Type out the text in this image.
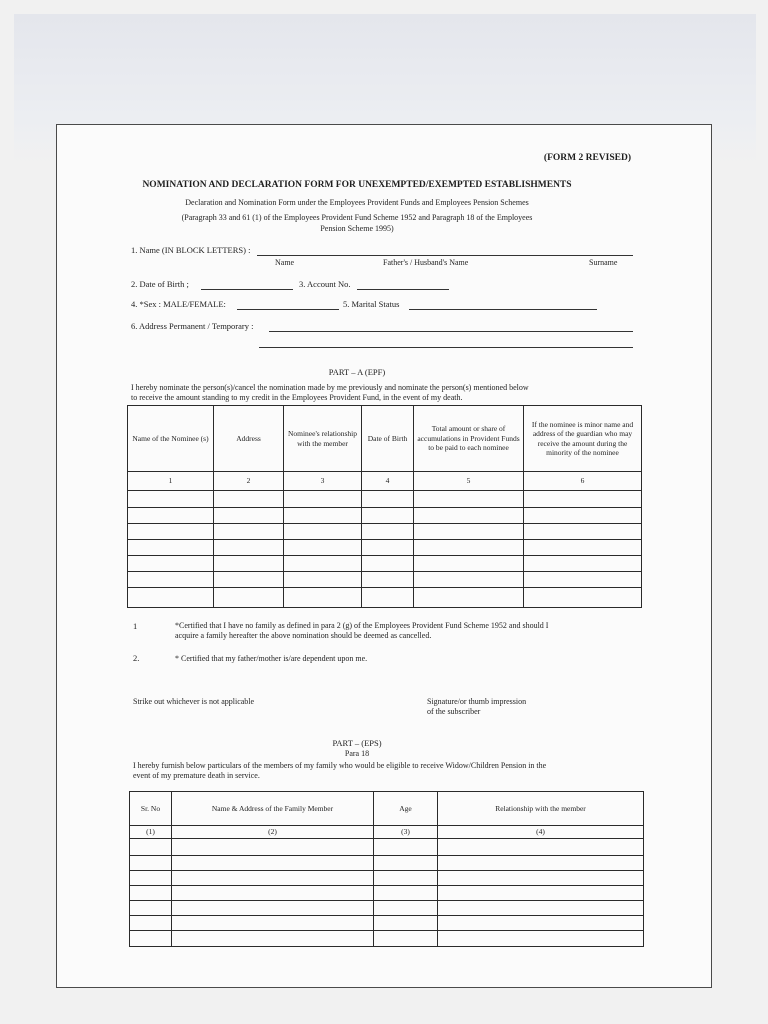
(FORM 2 REVISED)
NOMINATION AND DECLARATION FORM FOR UNEXEMPTED/EXEMPTED ESTABLISHMENTS
Declaration and Nomination Form under the Employees Provident Funds and Employees Pension Schemes
(Paragraph 33 and 61 (1) of the Employees Provident Fund Scheme 1952 and Paragraph 18 of the Employees
Pension Scheme 1995)
1. Name (IN BLOCK LETTERS) :
Name	Father's / Husband's Name	Surname
2. Date of Birth ;	3. Account No.
4. *Sex : MALE/FEMALE:	5. Marital Status
6. Address Permanent / Temporary :
PART – A (EPF)
I hereby nominate the person(s)/cancel the nomination made by me previously and nominate the person(s) mentioned below
to receive the amount standing to my credit in the Employees Provident Fund, in the event of my death.
Name of the Nominee (s)	Address	Nominee's relationship with the member	Date of Birth	Total amount or share of accumulations in Provident Funds to be paid to each nominee	If the nominee is minor name and address of the guardian who may receive the amount during the minority of the nominee
1	2	3	4	5	6

1	*Certified that I have no family as defined in para 2 (g) of the Employees Provident Fund Scheme 1952 and should I
acquire a family hereafter the above nomination should be deemed as cancelled.
2.	* Certified that my father/mother is/are dependent upon me.
Strike out whichever is not applicable	Signature/or thumb impression
of the subscriber
PART – (EPS)
Para 18
I hereby furnish below particulars of the members of my family who would be eligible to receive Widow/Children Pension in the
event of my premature death in service.
Sr. No	Name & Address of the Family Member	Age	Relationship with the member
(1)	(2)	(3)	(4)
